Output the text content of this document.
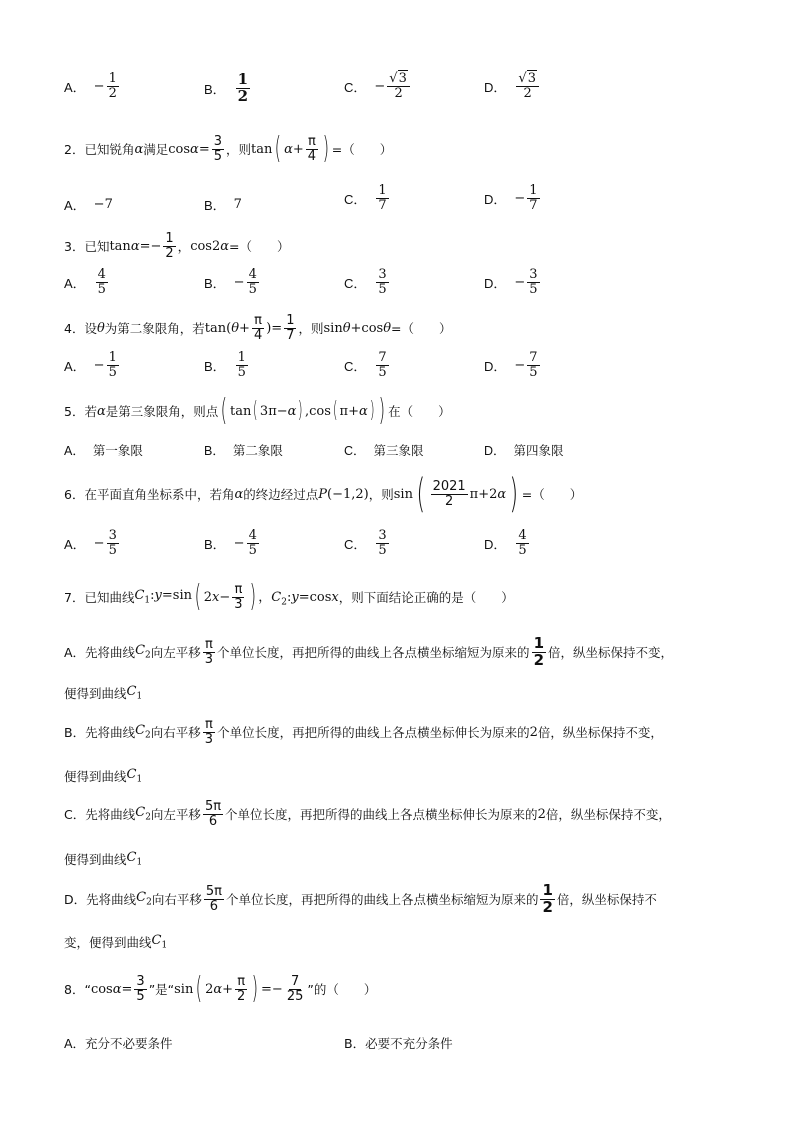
A． − $\frac{1}{2}$	B． $\frac{1}{2}$	C． − $\frac{√3}{2}$	D． $\frac{√3}{2}$
2．已知锐角 α 满足 $\cos\alpha= \frac{3}{5}$ ，则 tan ( $\alpha + \frac{\pi}{4}$ ) =（　　）
A． −7	B． 7	C． $\frac{1}{7}$	D． − $\frac{1}{7}$
3．已知 $\tan\alpha=- \frac{1}{2}$ ， cos2α =（　　）
A． $\frac{4}{5}$	B． − $\frac{4}{5}$	C． $\frac{3}{5}$	D． − $\frac{3}{5}$
4．设 θ 为第二象限角，若 $\tan(\theta+ \frac{\pi}{4}$ )= $\frac{1}{7}$ ，则 sinθ+cosθ =（　　）
A． − $\frac{1}{5}$	B． $\frac{1}{5}$	C． $\frac{7}{5}$	D． − $\frac{7}{5}$
5．若 α 是第三象限角，则点 ( tan ( 3π−α ) ,cos ( π+α ) ) 在（　　）
A． 第一象限	B． 第二象限	C． 第三象限	D． 第四象限
6．在平面直角坐标系中，若角 α 的终边经过点 P(−1,2) ，则 sin ( $\frac{2021}{2} \pi+2\alpha$ ) =（　　）
A． − $\frac{3}{5}$	B． − $\frac{4}{5}$	C． $\frac{3}{5}$	D． $\frac{4}{5}$
7．已知曲线 $C_1:y=\sin$ ( $2x- \frac{\pi}{3}$ ) ，$C_2:y=\cos x$ ，则下面结论正确的是（　　）
A．先将曲线 $C_2$ 向左平移 $\frac{\pi}{3}$ 个单位长度，再把所得的曲线上各点横坐标缩短为原来的 $\frac{1}{2}$ 倍，纵坐标保持不变，
便得到曲线 $C_1$
B．先将曲线 $C_2$ 向右平移 $\frac{\pi}{3}$ 个单位长度，再把所得的曲线上各点横坐标伸长为原来的 2 倍，纵坐标保持不变，
便得到曲线 $C_1$
C．先将曲线 $C_2$ 向左平移 $\frac{5\pi}{6}$ 个单位长度，再把所得的曲线上各点横坐标伸长为原来的 2 倍，纵坐标保持不变，
便得到曲线 $C_1$
D．先将曲线 $C_2$ 向右平移 $\frac{5\pi}{6}$ 个单位长度，再把所得的曲线上各点横坐标缩短为原来的 $\frac{1}{2}$ 倍，纵坐标保持不
变，便得到曲线 $C_1$
8．“ $\cos\alpha= \frac{3}{5}$ ”是“ sin ( $2\alpha+ \frac{\pi}{2}$ ) =− $\frac{7}{25}$ ”的（　　）
A．充分不必要条件	B．必要不充分条件
